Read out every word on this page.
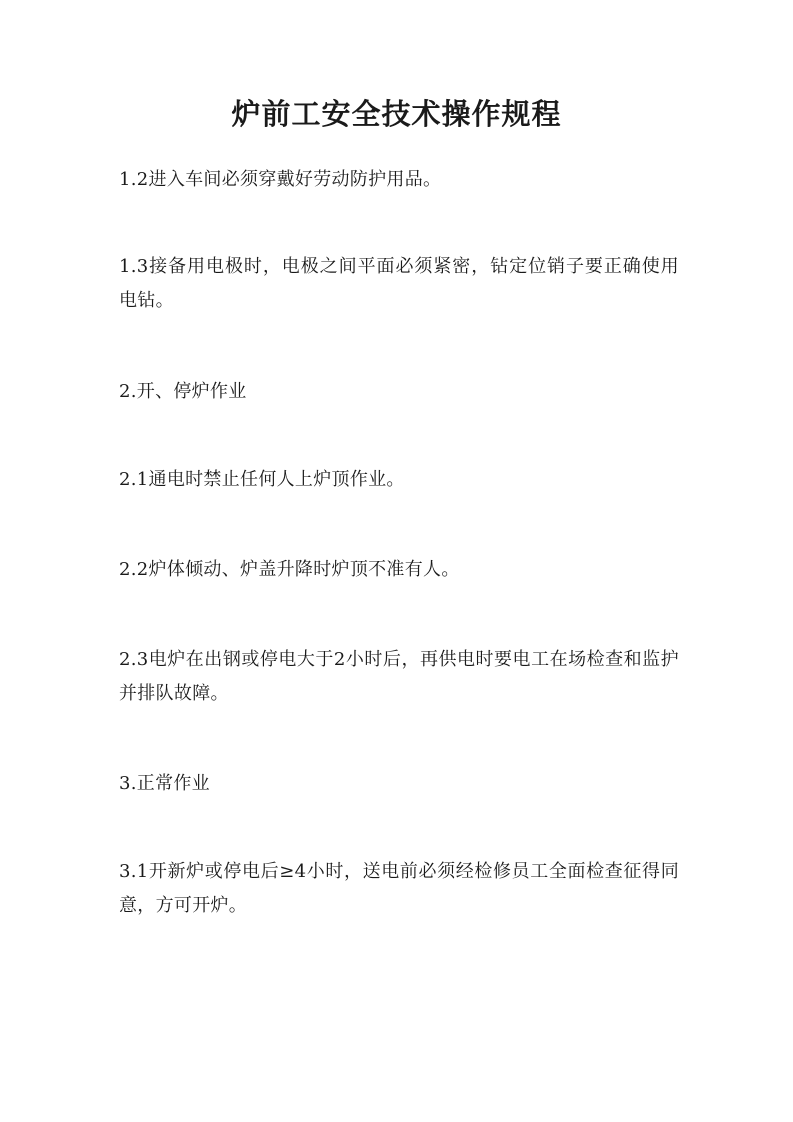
炉前工安全技术操作规程

1.2进入车间必须穿戴好劳动防护用品。

1.3接备用电极时，电极之间平面必须紧密，钻定位销子要正确使用电钻。

2.开、停炉作业

2.1通电时禁止任何人上炉顶作业。

2.2炉体倾动、炉盖升降时炉顶不准有人。

2.3电炉在出钢或停电大于2小时后，再供电时要电工在场检查和监护并排队故障。

3.正常作业

3.1开新炉或停电后≥4小时，送电前必须经检修员工全面检查征得同意，方可开炉。
